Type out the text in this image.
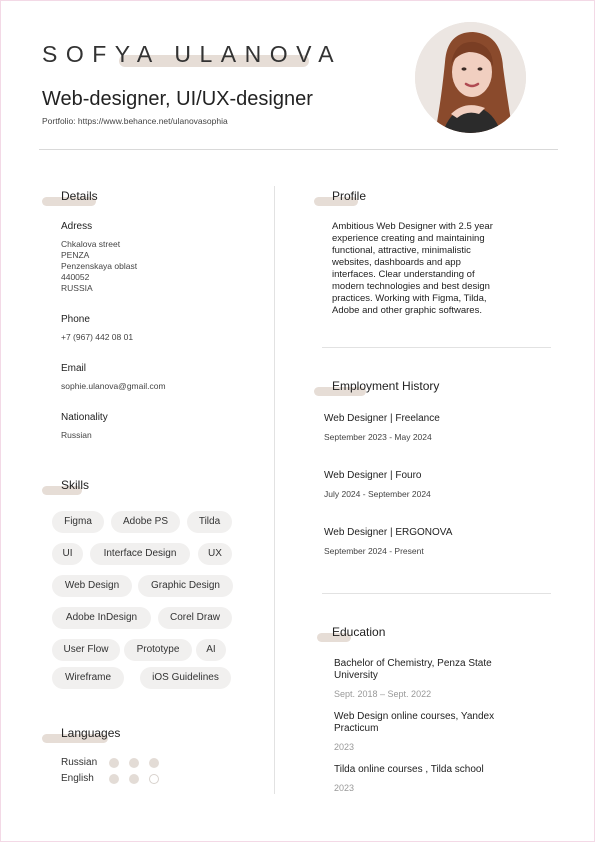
SOFYA ULANOVA
Web-designer, UI/UX-designer
Portfolio: https://www.behance.net/ulanovasophia
Details
Adress
Chkalova street
PENZA
Penzenskaya oblast
440052
RUSSIA
Phone
+7 (967) 442 08 01
Email
sophie.ulanova@gmail.com
Nationality
Russian
Skills
Figma	Adobe PS	Tilda
UI	Interface Design	UX
Web Design	Graphic Design
Adobe InDesign	Corel Draw
User Flow	Prototype	AI
Wireframe	iOS Guidelines
Languages
Russian
English
Profile
Ambitious Web Designer with 2.5 year
experience creating and maintaining
functional, attractive, minimalistic
websites, dashboards and app
interfaces. Clear understanding of
modern technologies and best design
practices. Working with Figma, Tilda,
Adobe and other graphic softwares.
Employment History
Web Designer | Freelance
September 2023 - May 2024
Web Designer | Fouro
July 2024 - September 2024
Web Designer | ERGONOVA
September 2024 - Present
Education
Bachelor of Chemistry, Penza State
University
Sept. 2018 – Sept. 2022
Web Design online courses, Yandex
Practicum
2023
Tilda online courses , Tilda school
2023
